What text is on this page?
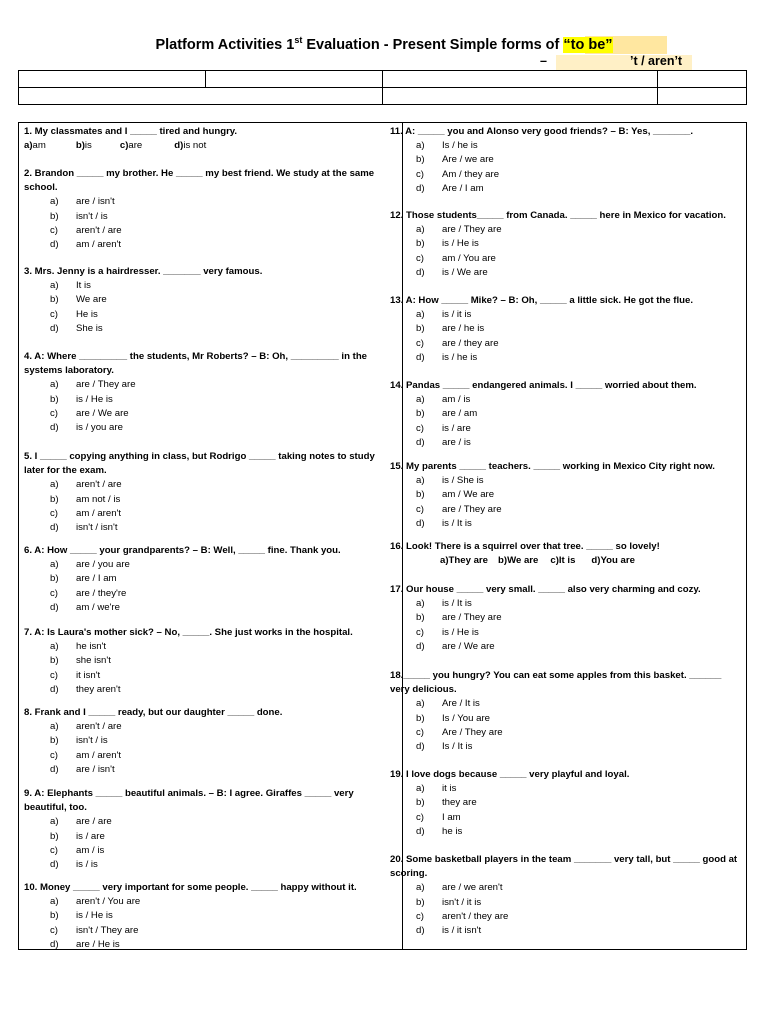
Platform Activities 1st Evaluation - Present Simple forms of “to be”
–	’t / aren’t

1. My classmates and I _____ tired and hungry.
a)am	b)is	c)are	d)is not
2. Brandon _____ my brother. He _____ my best friend. We study at the same school.
a) are / isn't
b) isn't / is
c) aren't / are
d) am / aren't
3. Mrs. Jenny is a hairdresser. _______ very famous.
a) It is
b) We are
c) He is
d) She is
4. A: Where _________ the students, Mr Roberts? – B: Oh, _________ in the systems laboratory.
a) are / They are
b) is / He is
c) are / We are
d) is / you are
5. I _____ copying anything in class, but Rodrigo _____ taking notes to study later for the exam.
a) aren't / are
b) am not / is
c) am / aren't
d) isn't / isn't
6. A: How _____ your grandparents? – B: Well, _____ fine. Thank you.
a) are / you are
b) are / I am
c) are / they're
d) am / we're
7. A: Is Laura's mother sick? – No, _____. She just works in the hospital.
a) he isn't
b) she isn't
c) it isn't
d) they aren't
8. Frank and I _____ ready, but our daughter _____ done.
a) aren't / are
b) isn't / is
c) am / aren't
d) are / isn't
9. A: Elephants _____ beautiful animals. – B: I agree. Giraffes _____ very beautiful, too.
a) are / are
b) is / are
c) am / is
d) is / is
10. Money _____ very important for some people. _____ happy without it.
a) aren't / You are
b) is / He is
c) isn't / They are
d) are / He is
11. A: _____ you and Alonso very good friends? – B: Yes, _______.
a) Is / he is
b) Are / we are
c) Am / they are
d) Are / I am
12. Those students_____ from Canada. _____ here in Mexico for vacation.
a) are / They are
b) is / He is
c) am / You are
d) is / We are
13. A: How _____ Mike? – B: Oh, _____ a little sick. He got the flue.
a) is / it is
b) are / he is
c) are / they are
d) is / he is
14. Pandas _____ endangered animals. I _____ worried about them.
a) am / is
b) are / am
c) is / are
d) are / is
15. My parents _____ teachers. _____ working in Mexico City right now.
a) is / She is
b) am / We are
c) are / They are
d) is / It is
16. Look! There is a squirrel over that tree. _____ so lovely!
a)They are b)We are c)It is d)You are
17. Our house _____ very small. _____ also very charming and cozy.
a) is / It is
b) are / They are
c) is / He is
d) are / We are
18._____ you hungry? You can eat some apples from this basket. ______ very delicious.
a) Are / It is
b) Is / You are
c) Are / They are
d) Is / It is
19. I love dogs because _____ very playful and loyal.
a) it is
b) they are
c) I am
d) he is
20. Some basketball players in the team _______ very tall, but _____ good at scoring.
a) are / we aren't
b) isn't / it is
c) aren't / they are
d) is / it isn't
